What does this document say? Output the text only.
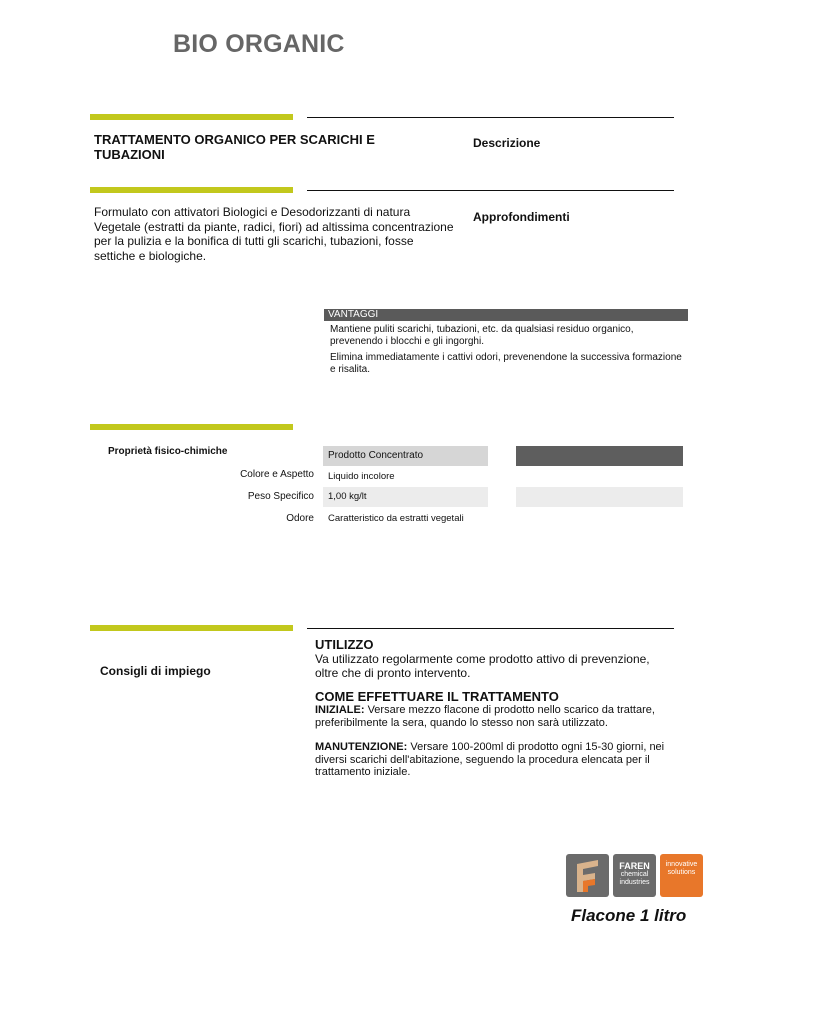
BIO ORGANIC
TRATTAMENTO ORGANICO PER SCARICHI E TUBAZIONI
Descrizione
Formulato con attivatori Biologici e Desodorizzanti di natura Vegetale (estratti da piante, radici, fiori) ad altissima concentrazione per la pulizia e la bonifica di tutti gli scarichi, tubazioni, fosse settiche e biologiche.
Approfondimenti
VANTAGGI
Mantiene puliti scarichi, tubazioni, etc. da qualsiasi residuo organico, prevenendo i blocchi e gli ingorghi.
Elimina immediatamente i cattivi odori, prevenendone la successiva formazione e risalita.
Proprietà fisico-chimiche	Prodotto Concentrato
Colore e Aspetto	Liquido incolore
Peso Specifico	1,00 kg/lt
Odore	Caratteristico da estratti vegetali
Consigli di impiego
UTILIZZO
Va utilizzato regolarmente come prodotto attivo di prevenzione, oltre che di pronto intervento.
COME EFFETTUARE IL TRATTAMENTO
INIZIALE: Versare mezzo flacone di prodotto nello scarico da trattare, preferibilmente la sera, quando lo stesso non sarà utilizzato.
MANUTENZIONE: Versare 100-200ml di prodotto ogni 15-30 giorni, nei diversi scarichi dell'abitazione, seguendo la procedura elencata per il trattamento iniziale.
FAREN
chemical industries
innovative solutions
Flacone 1 litro
